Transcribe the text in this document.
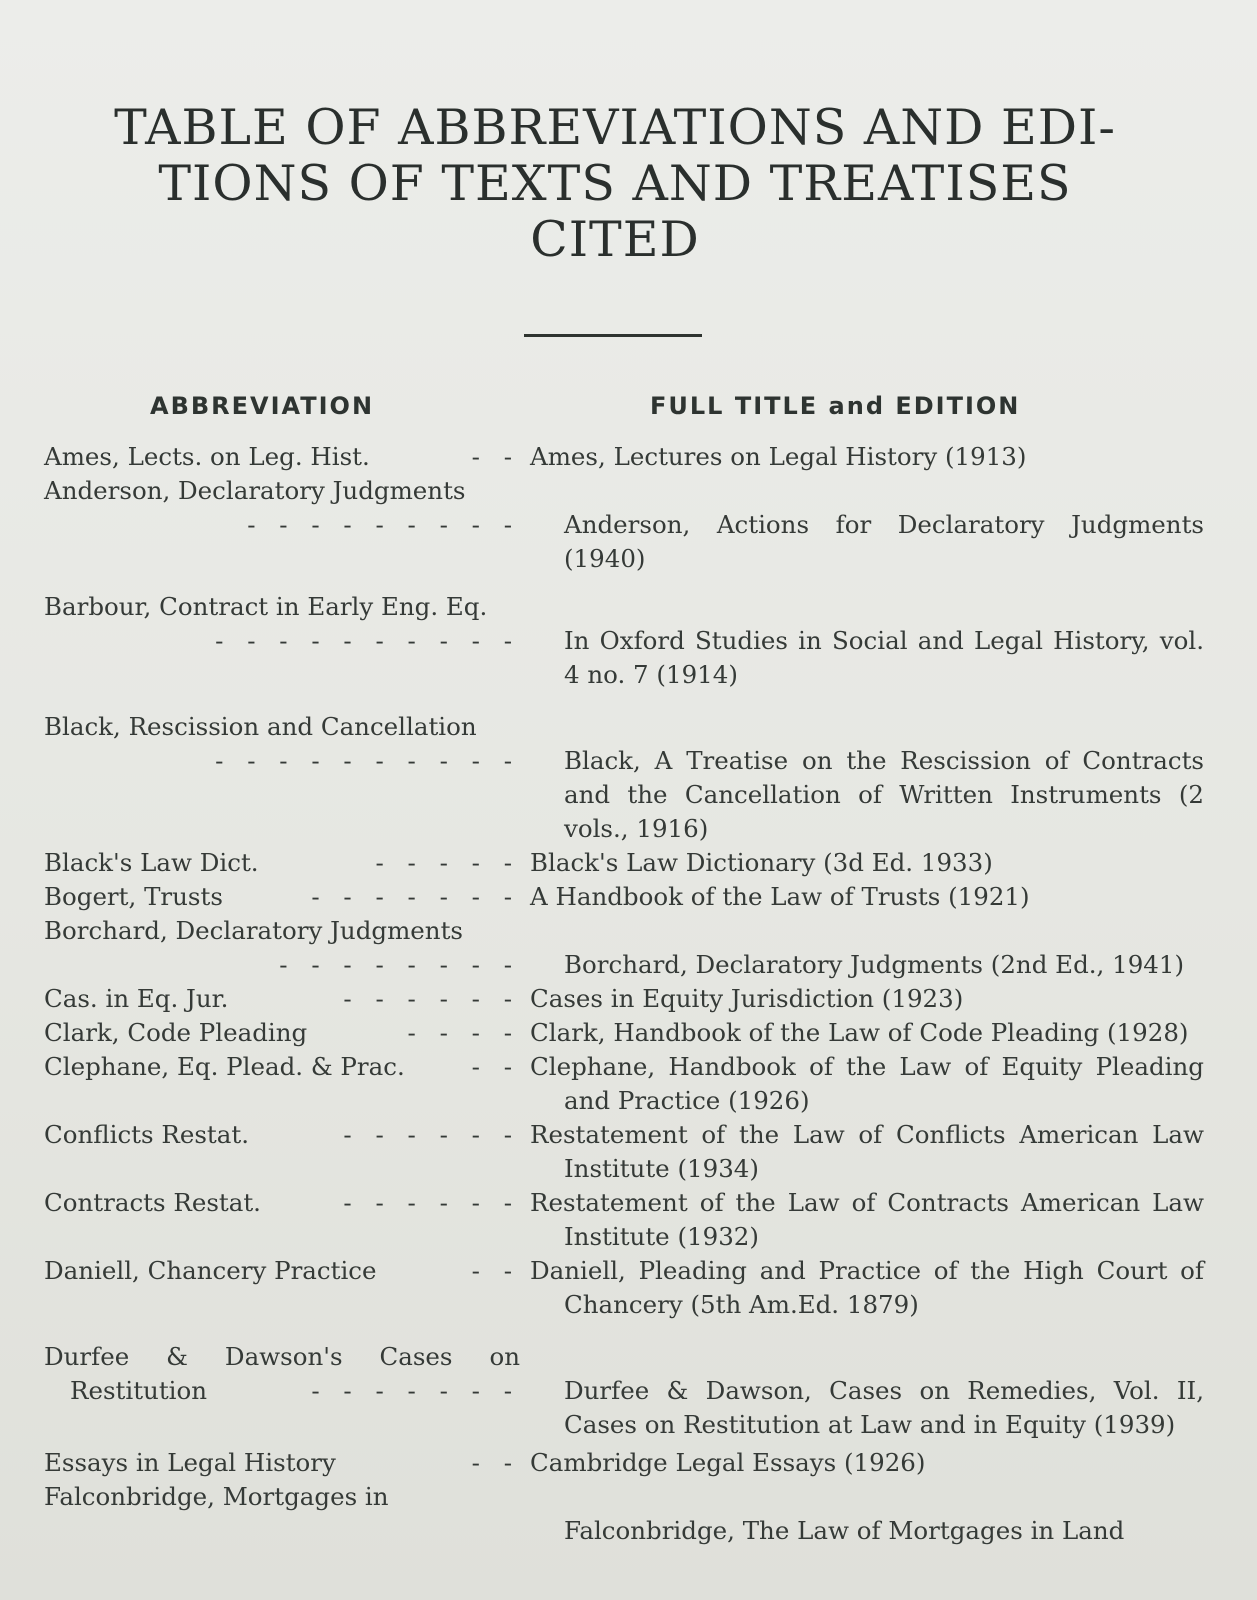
TABLE OF ABBREVIATIONS AND EDI-
TIONS OF TEXTS AND TREATISES
CITED
ABBREVIATION	FULL TITLE and EDITION
Ames, Lects. on Leg. Hist.	- - Ames, Lectures on Legal History (1913)
Anderson, Declaratory Judgments
- - - - - - - - -	Anderson, Actions for Declaratory Judgments (1940)
Barbour, Contract in Early Eng. Eq.
- - - - - - - - - -	In Oxford Studies in Social and Legal History, vol. 4 no. 7 (1914)
Black, Rescission and Cancellation
- - - - - - - - - -	Black, A Treatise on the Rescission of Contracts and the Cancellation of Written Instruments (2 vols., 1916)
Black's Law Dict.	- - - - - Black's Law Dictionary (3d Ed. 1933)
Bogert, Trusts	- - - - - - - A Handbook of the Law of Trusts (1921)
Borchard, Declaratory Judgments
- - - - - - - -	Borchard, Declaratory Judgments (2nd Ed., 1941)
Cas. in Eq. Jur.	- - - - - - Cases in Equity Jurisdiction (1923)
Clark, Code Pleading	- - - - Clark, Handbook of the Law of Code Pleading (1928)
Clephane, Eq. Plead. & Prac.	- - Clephane, Handbook of the Law of Equity Pleading and Practice (1926)
Conflicts Restat.	- - - - - - Restatement of the Law of Conflicts American Law Institute (1934)
Contracts Restat.	- - - - - - Restatement of the Law of Contracts American Law Institute (1932)
Daniell, Chancery Practice	- - Daniell, Pleading and Practice of the High Court of Chancery (5th Am.Ed. 1879)
Durfee & Dawson's Cases on Restitution	- - - - - - -	Durfee & Dawson, Cases on Remedies, Vol. II, Cases on Restitution at Law and in Equity (1939)
Essays in Legal History	- - Cambridge Legal Essays (1926)
Falconbridge, Mortgages in
Falconbridge, The Law of Mortgages in Land
